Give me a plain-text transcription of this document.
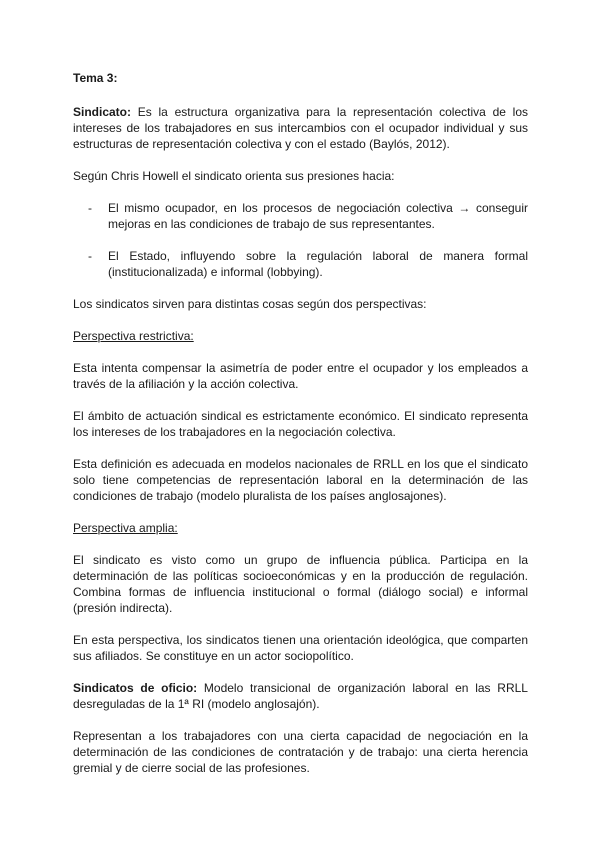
Tema 3:

Sindicato: Es la estructura organizativa para la representación colectiva de los intereses de los trabajadores en sus intercambios con el ocupador individual y sus estructuras de representación colectiva y con el estado (Baylós, 2012).

Según Chris Howell el sindicato orienta sus presiones hacia:

- El mismo ocupador, en los procesos de negociación colectiva → conseguir mejoras en las condiciones de trabajo de sus representantes.
- El Estado, influyendo sobre la regulación laboral de manera formal (institucionalizada) e informal (lobbying).

Los sindicatos sirven para distintas cosas según dos perspectivas:

Perspectiva restrictiva:

Esta intenta compensar la asimetría de poder entre el ocupador y los empleados a través de la afiliación y la acción colectiva.

El ámbito de actuación sindical es estrictamente económico. El sindicato representa los intereses de los trabajadores en la negociación colectiva.

Esta definición es adecuada en modelos nacionales de RRLL en los que el sindicato solo tiene competencias de representación laboral en la determinación de las condiciones de trabajo (modelo pluralista de los países anglosajones).

Perspectiva amplia:

El sindicato es visto como un grupo de influencia pública. Participa en la determinación de las políticas socioeconómicas y en la producción de regulación. Combina formas de influencia institucional o formal (diálogo social) e informal (presión indirecta).

En esta perspectiva, los sindicatos tienen una orientación ideológica, que comparten sus afiliados. Se constituye en un actor sociopolítico.

Sindicatos de oficio: Modelo transicional de organización laboral en las RRLL desreguladas de la 1ª RI (modelo anglosajón).

Representan a los trabajadores con una cierta capacidad de negociación en la determinación de las condiciones de contratación y de trabajo: una cierta herencia gremial y de cierre social de las profesiones.
